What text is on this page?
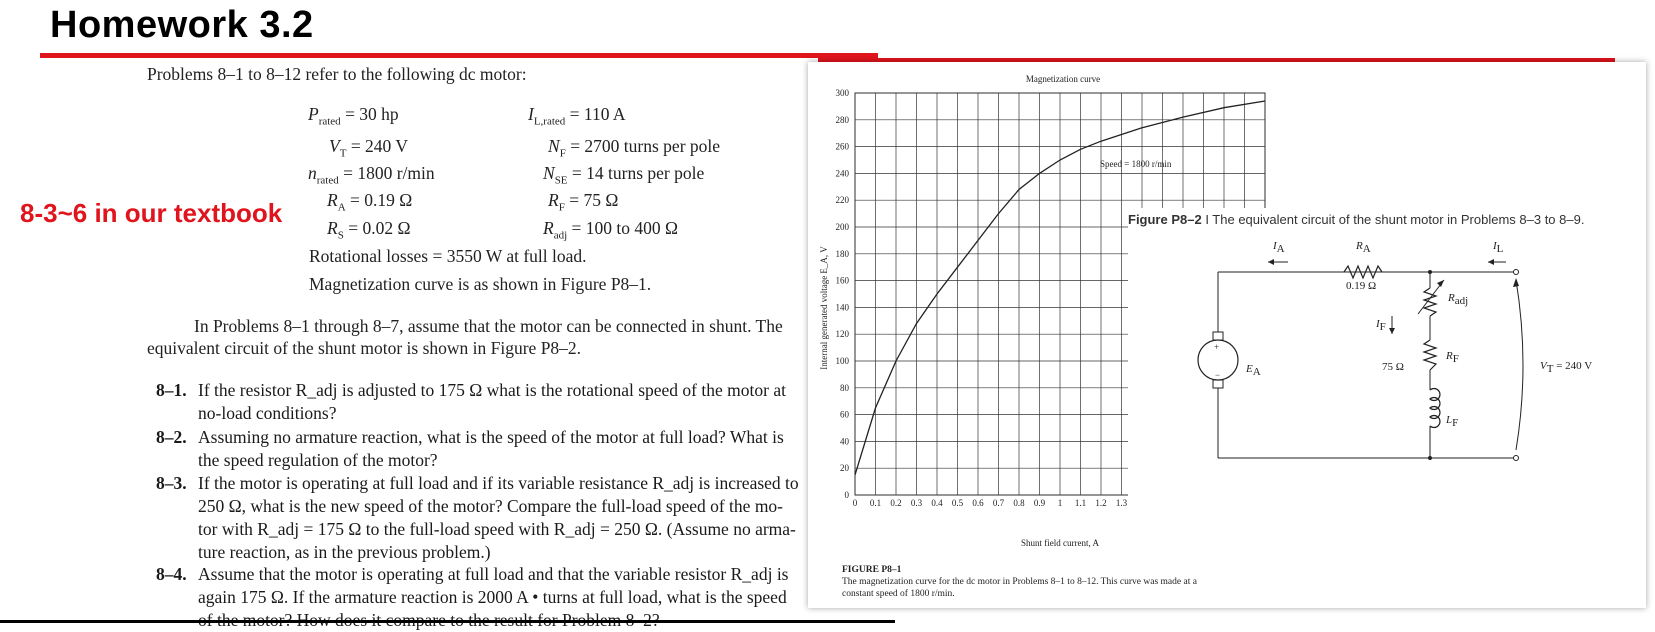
Homework 3.2
Problems 8–1 to 8–12 refer to the following dc motor:
$P_{rated} = 30$ hp
$V_T = 240$ V
$n_{rated} = 1800$ r/min
$R_A = 0.19$ Ω
$R_S = 0.02$ Ω
$I_{L,rated} = 110$ A
$N_F = 2700$ turns per pole
$N_{SE} = 14$ turns per pole
$R_F = 75$ Ω
$R_{adj} = 100$ to 400 Ω
8-3~6 in our textbook
Rotational losses = 3550 W at full load.
Magnetization curve is as shown in Figure P8–1.
In Problems 8–1 through 8–7, assume that the motor can be connected in shunt. The
equivalent circuit of the shunt motor is shown in Figure P8–2.
8–1. If the resistor R_adj is adjusted to 175 Ω what is the rotational speed of the motor at
no-load conditions?
8–2. Assuming no armature reaction, what is the speed of the motor at full load? What is
the speed regulation of the motor?
8–3. If the motor is operating at full load and if its variable resistance R_adj is increased to
250 Ω, what is the new speed of the motor? Compare the full-load speed of the mo-
tor with R_adj = 175 Ω to the full-load speed with R_adj = 250 Ω. (Assume no arma-
ture reaction, as in the previous problem.)
8–4. Assume that the motor is operating at full load and that the variable resistor R_adj is
again 175 Ω. If the armature reaction is 2000 A • turns at full load, what is the speed
Magnetization curve
0 0.1 0.2 0.3 0.4 0.5 0.6 0.7 0.8 0.9 1 1.1 1.2 1.3
0
20
40
60
80
100
120
140
160
180
200
220
240
260
280
300
Shunt field current, A
Internal generated voltage E_A, V
Speed = 1800 r/min
FIGURE P8–1
The magnetization curve for the dc motor in Problems 8–1 to 8–12. This curve was made at a
constant speed of 1800 r/min.
Figure P8–2 I The equivalent circuit of the shunt motor in Problems 8–3 to 8–9.
+
−
$I_A$	$R_A$	$I_L$
0.19 Ω
$R_{adj}$
$I_F$
75 Ω
$R_F$
$E_A$
$L_F$
$V_T = 240$ V
